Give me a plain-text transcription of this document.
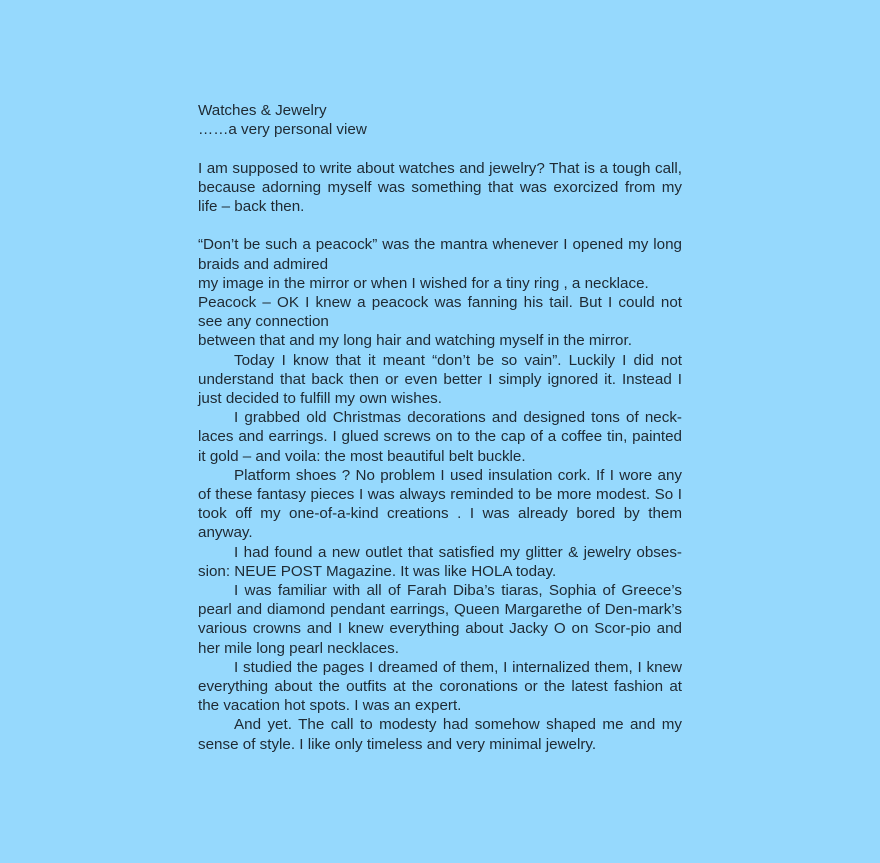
Watches & Jewelry
……a very personal view

I am supposed to write about watches and jewelry? That is a tough call, because adorning myself was something that was exorcized from my life – back then.

“Don’t be such a peacock” was the mantra whenever I opened my long braids and admired

my image in the mirror or when I wished for a tiny ring , a necklace.

Peacock – OK I knew a peacock was fanning his tail. But I could not see any connection

between that and my long hair and watching myself in the mirror.

Today I know that it meant “don’t be so vain”. Luckily I did not understand that back then or even better I simply ignored it. Instead I just decided to fulfill my own wishes.

I grabbed old Christmas decorations and designed tons of neck-laces and earrings. I glued screws on to the cap of a coffee tin, painted it gold – and voila: the most beautiful belt buckle.

Platform shoes ? No problem I used insulation cork. If I wore any of these fantasy pieces I was always reminded to be more modest. So I took off my one-of-a-kind creations . I was already bored by them anyway.

I had found a new outlet that satisfied my glitter & jewelry obses-sion: NEUE POST Magazine. It was like HOLA today.

I was familiar with all of Farah Diba’s tiaras, Sophia of Greece’s pearl and diamond pendant earrings, Queen Margarethe of Den-mark’s various crowns and I knew everything about Jacky O on Scor-pio and her mile long pearl necklaces.

I studied the pages I dreamed of them, I internalized them, I knew everything about the outfits at the coronations or the latest fashion at the vacation hot spots. I was an expert.

And yet. The call to modesty had somehow shaped me and my sense of style. I like only timeless and very minimal jewelry.
